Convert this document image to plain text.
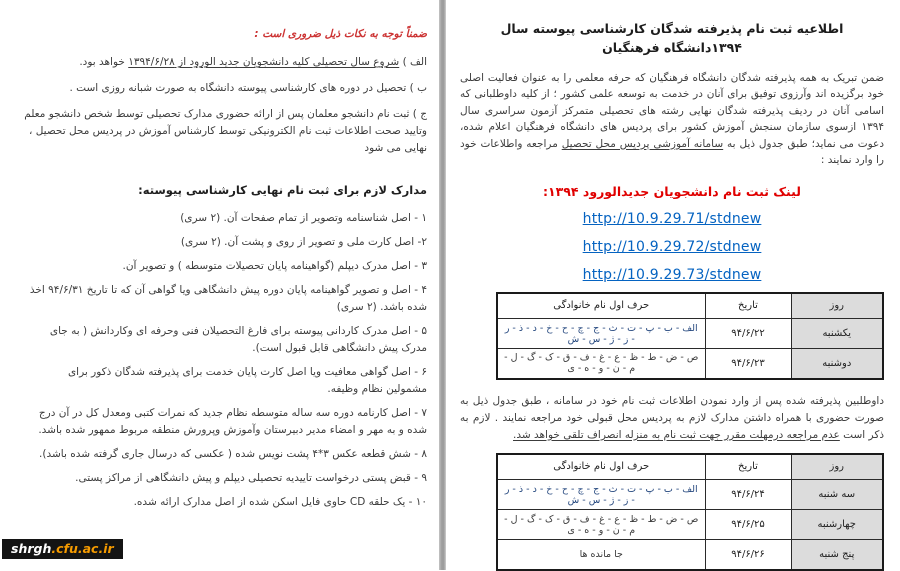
ضمناً توجه به نکات ذیل ضروری است :
الف ) شروع سال تحصیلی کلیه دانشجویان جدید الورود از ۱۳۹۴/۶/۲۸ خواهد بود.
ب ) تحصیل در دوره های کارشناسی پیوسته دانشگاه به صورت شبانه روزی است .
ج ) ثبت نام دانشجو معلمان پس از ارائه حضوری مدارک تحصیلی توسط شخص دانشجو معلم وتایید صحت اطلاعات ثبت نام الکترونیکی توسط کارشناس آموزش در پردیس محل تحصیل ، نهایی می شود
مدارک لازم برای ثبت نام نهایی کارشناسی پیوسته:
۱ - اصل شناسنامه وتصویر از تمام صفحات آن. (۲ سری)
۲- اصل کارت ملی و تصویر از روی و پشت آن. (۲ سری)
۳ - اصل مدرک دیپلم (گواهینامه پایان تحصیلات متوسطه ) و تصویر آن.
۴ - اصل و تصویر گواهینامه پایان دوره پیش دانشگاهی ویا گواهی آن که تا تاریخ ۹۴/۶/۳۱ اخذ شده باشد. (۲ سری)
۵ - اصل مدرک کاردانی پیوسته برای فارغ التحصیلان فنی وحرفه ای وکاردانش ( به جای مدرک پیش دانشگاهی قابل قبول است).
۶ - اصل گواهی معافیت ویا اصل کارت پایان خدمت برای پذیرفته شدگان ذکور برای مشمولین نظام وظیفه.
۷ - اصل کارنامه دوره سه ساله متوسطه نظام جدید که نمرات کتبی ومعدل کل در آن درج شده و به مهر و امضاء مدیر دبیرستان وآموزش وپرورش منطقه مربوط ممهور شده باشد.
۸ - شش قطعه عکس ۳*۴ پشت نویس شده ( عکسی که درسال جاری گرفته شده باشد).
۹ - قبض پستی درخواست تاییدیه تحصیلی دیپلم و پیش دانشگاهی از مراکز پستی.
۱۰ - یک حلقه CD حاوی فایل اسکن شده از اصل مدارک ارائه شده.
اطلاعیه ثبت نام پذیرفته شدگان کارشناسی پیوسته سال ۱۳۹۴دانشگاه فرهنگیان
ضمن تبریک به همه پذیرفته شدگان دانشگاه فرهنگیان که حرفه معلمی را به عنوان فعالیت اصلی خود برگزیده اند وآرزوی توفیق برای آنان در خدمت به توسعه علمی کشور ؛ از کلیه داوطلبانی که اسامی آنان در ردیف پذیرفته شدگان نهایی رشته های تحصیلی متمرکز آزمون سراسری سال ۱۳۹۴ ازسوی سازمان سنجش آموزش کشور برای پردیس های دانشگاه فرهنگیان اعلام شده، دعوت می نماید؛ طبق جدول ذیل به سامانه آموزشی پردیس محل تحصیل مراجعه واطلاعات خود را وارد نمایند :
لینک ثبت نام دانشجویان جدیدالورود ۱۳۹۴:
http://10.9.29.71/stdnew
http://10.9.29.72/stdnew
http://10.9.29.73/stdnew
روز	تاریخ	حرف اول نام خانوادگی
یکشنبه	۹۴/۶/۲۲	الف - ب - پ - ت - ث - ج - چ - ح - خ - د - ذ - ر - ز - ژ - س - ش
دوشنبه	۹۴/۶/۲۳	ص - ض - ط - ظ - ع - غ - ف - ق - ک - گ - ل - م - ن - و - ه - ی
داوطلبین پذیرفته شده پس از وارد نمودن اطلاعات ثبت نام خود در سامانه ، طبق جدول ذیل به صورت حضوری با همراه داشتن مدارک لازم به پردیس محل قبولی خود مراجعه نمایند . لازم به ذکر است عدم مراجعه درمهلت مقرر جهت ثبت نام به منزله انصراف تلقی خواهد شد.
روز	تاریخ	حرف اول نام خانوادگی
سه شنبه	۹۴/۶/۲۴	الف - ب - پ - ت - ث - ج - چ - ح - خ - د - ذ - ر - ز - ژ - س - ش
چهارشنبه	۹۴/۶/۲۵	ص - ض - ط - ظ - ع - غ - ف - ق - ک - گ - ل - م - ن - و - ه - ی
پنج شنبه	۹۴/۶/۲۶	جا مانده ها
shrgh.cfu.ac.ir
